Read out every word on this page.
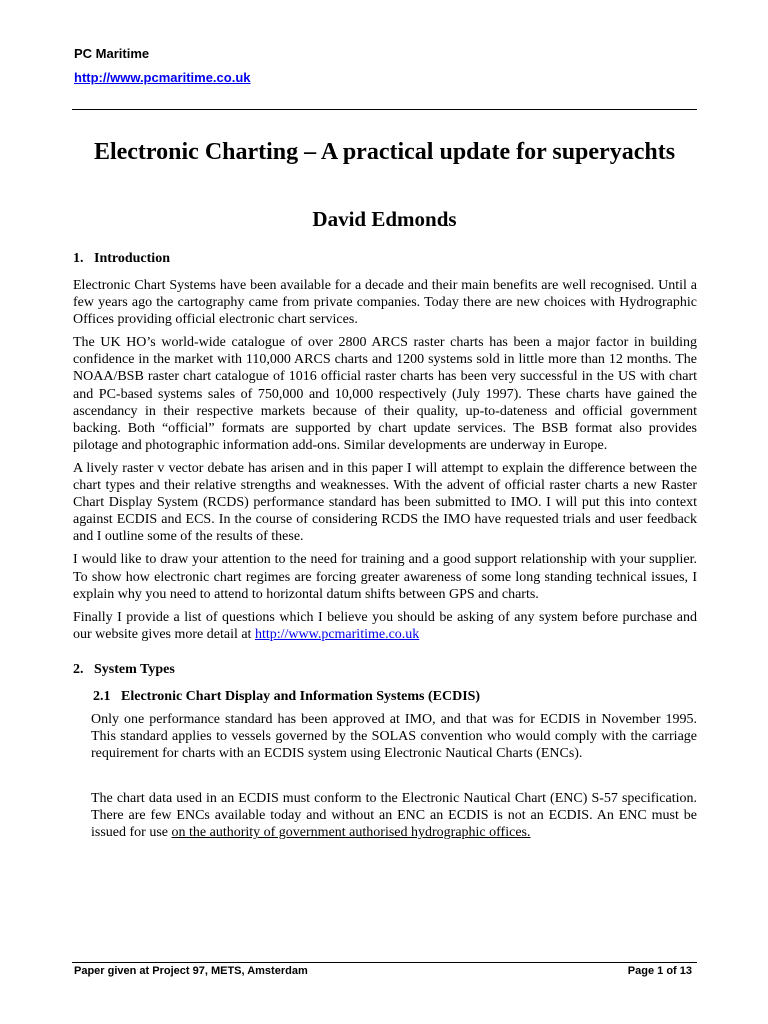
PC Maritime
http://www.pcmaritime.co.uk
Electronic Charting – A practical update for superyachts
David Edmonds
1. Introduction

Electronic Chart Systems have been available for a decade and their main benefits are well recognised. Until a few years ago the cartography came from private companies. Today there are new choices with Hydrographic Offices providing official electronic chart services.

The UK HO’s world-wide catalogue of over 2800 ARCS raster charts has been a major factor in building confidence in the market with 110,000 ARCS charts and 1200 systems sold in little more than 12 months. The NOAA/BSB raster chart catalogue of 1016 official raster charts has been very successful in the US with chart and PC-based systems sales of 750,000 and 10,000 respectively (July 1997). These charts have gained the ascendancy in their respective markets because of their quality, up-to-dateness and official government backing. Both “official” formats are supported by chart update services. The BSB format also provides pilotage and photographic information add-ons. Similar developments are underway in Europe.

A lively raster v vector debate has arisen and in this paper I will attempt to explain the difference between the chart types and their relative strengths and weaknesses. With the advent of official raster charts a new Raster Chart Display System (RCDS) performance standard has been submitted to IMO. I will put this into context against ECDIS and ECS. In the course of considering RCDS the IMO have requested trials and user feedback and I outline some of the results of these.

I would like to draw your attention to the need for training and a good support relationship with your supplier. To show how electronic chart regimes are forcing greater awareness of some long standing technical issues, I explain why you need to attend to horizontal datum shifts between GPS and charts.

Finally I provide a list of questions which I believe you should be asking of any system before purchase and our website gives more detail at http://www.pcmaritime.co.uk

2. System Types
2.1 Electronic Chart Display and Information Systems (ECDIS)

Only one performance standard has been approved at IMO, and that was for ECDIS in November 1995. This standard applies to vessels governed by the SOLAS convention who would comply with the carriage requirement for charts with an ECDIS system using Electronic Nautical Charts (ENCs).

The chart data used in an ECDIS must conform to the Electronic Nautical Chart (ENC) S-57 specification. There are few ENCs available today and without an ENC an ECDIS is not an ECDIS. An ENC must be issued for use on the authority of government authorised hydrographic offices.

Paper given at Project 97, METS, Amsterdam	Page 1 of 13
